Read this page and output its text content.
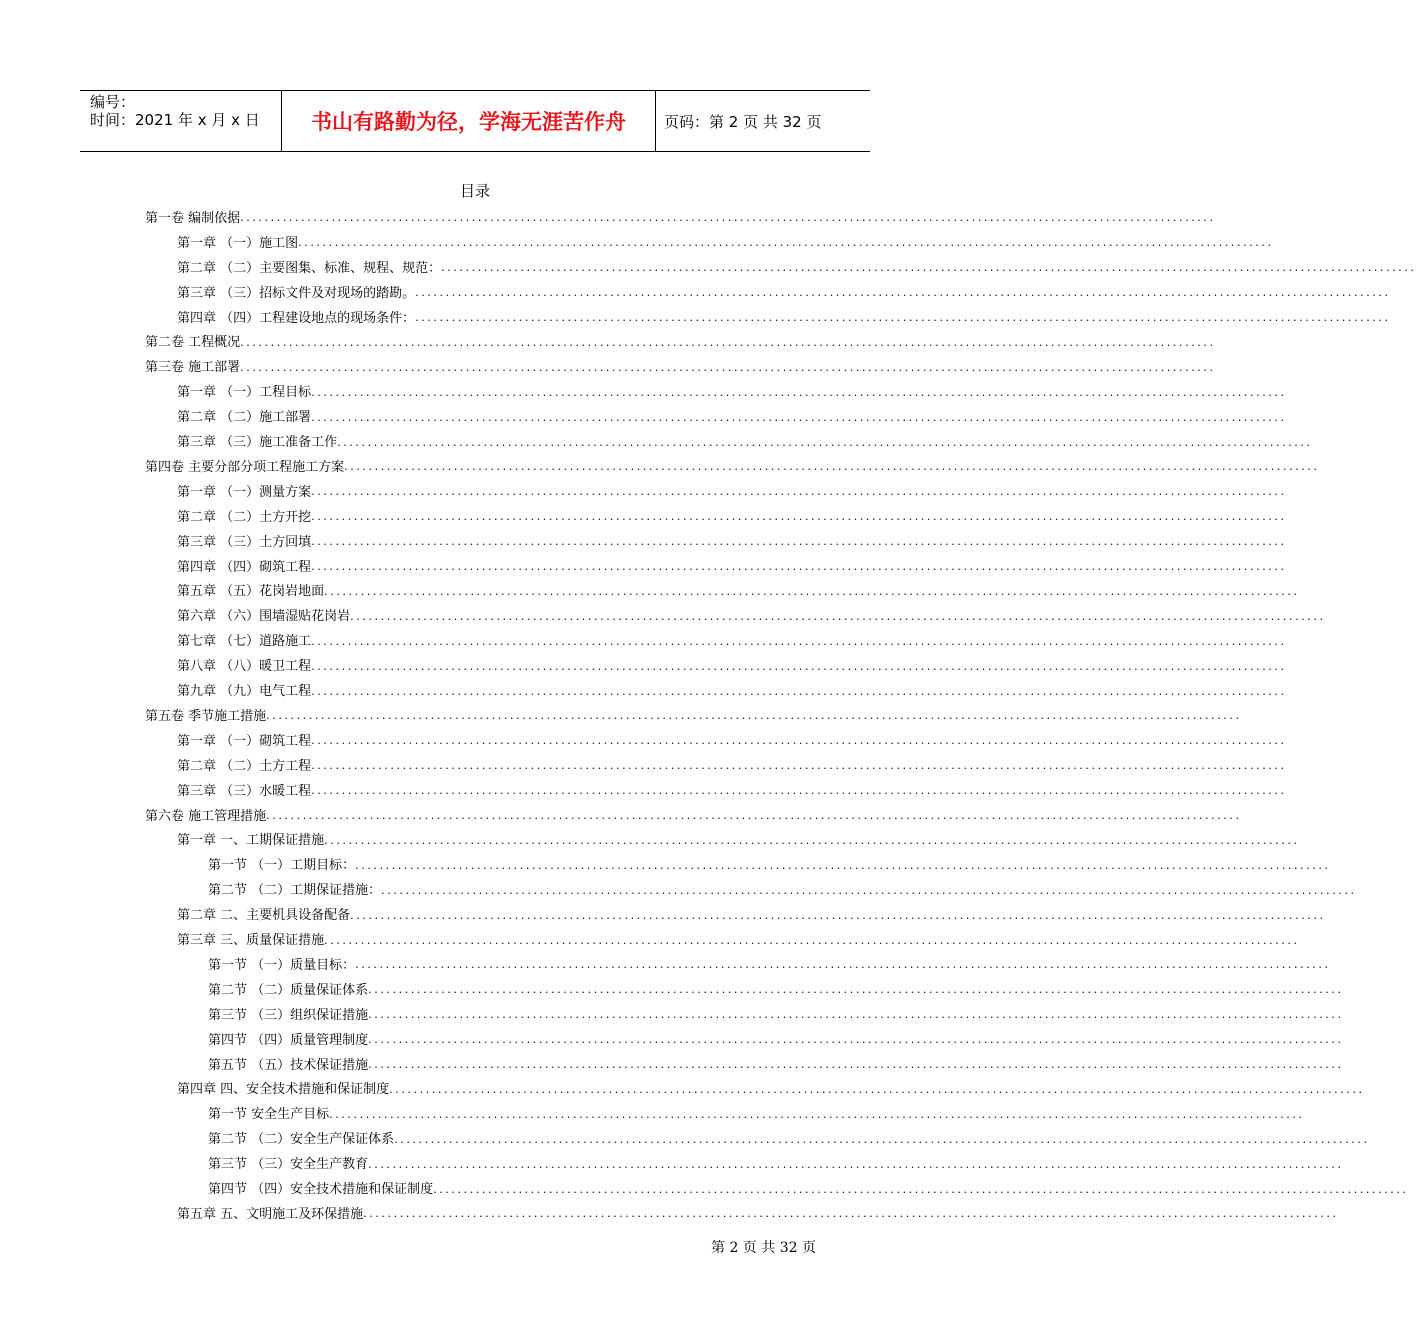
编号：
时间：2021 年 x 月 x 日	书山有路勤为径，学海无涯苦作舟	页码：第 2 页 共 32 页
目录
第一卷 编制依据 ................................................................................................................................................................
第一章 （一）施工图 ................................................................................................................................................................
第二章 （二）主要图集、标准、规程、规范： ................................................................................................................................................................
第三章 （三）招标文件及对现场的踏勘。 ................................................................................................................................................................
第四章 （四）工程建设地点的现场条件： ................................................................................................................................................................
第二卷 工程概况 ................................................................................................................................................................
第三卷 施工部署 ................................................................................................................................................................
第一章 （一）工程目标 ................................................................................................................................................................
第二章 （二）施工部署 ................................................................................................................................................................
第三章 （三）施工准备工作 ................................................................................................................................................................
第四卷 主要分部分项工程施工方案 ................................................................................................................................................................
第一章 （一）测量方案 ................................................................................................................................................................
第二章 （二）土方开挖 ................................................................................................................................................................
第三章 （三）土方回填 ................................................................................................................................................................
第四章 （四）砌筑工程 ................................................................................................................................................................
第五章 （五）花岗岩地面 ................................................................................................................................................................
第六章 （六）围墙湿贴花岗岩 ................................................................................................................................................................
第七章 （七）道路施工 ................................................................................................................................................................
第八章 （八）暖卫工程 ................................................................................................................................................................
第九章 （九）电气工程 ................................................................................................................................................................
第五卷 季节施工措施 ................................................................................................................................................................
第一章 （一）砌筑工程 ................................................................................................................................................................
第二章 （二）土方工程 ................................................................................................................................................................
第三章 （三）水暖工程 ................................................................................................................................................................
第六卷 施工管理措施 ................................................................................................................................................................
第一章 一、工期保证措施 ................................................................................................................................................................
第一节 （一）工期目标： ................................................................................................................................................................
第二节 （二）工期保证措施： ................................................................................................................................................................
第二章 二、主要机具设备配备 ................................................................................................................................................................
第三章 三、质量保证措施 ................................................................................................................................................................
第一节 （一）质量目标： ................................................................................................................................................................
第二节 （二）质量保证体系 ................................................................................................................................................................
第三节 （三）组织保证措施 ................................................................................................................................................................
第四节 （四）质量管理制度 ................................................................................................................................................................
第五节 （五）技术保证措施 ................................................................................................................................................................
第四章 四、安全技术措施和保证制度 ................................................................................................................................................................
第一节 安全生产目标 ................................................................................................................................................................
第二节 （二）安全生产保证体系 ................................................................................................................................................................
第三节 （三）安全生产教育 ................................................................................................................................................................
第四节 （四）安全技术措施和保证制度 ................................................................................................................................................................
第五章 五、文明施工及环保措施 ................................................................................................................................................................
第 2 页 共 32 页
